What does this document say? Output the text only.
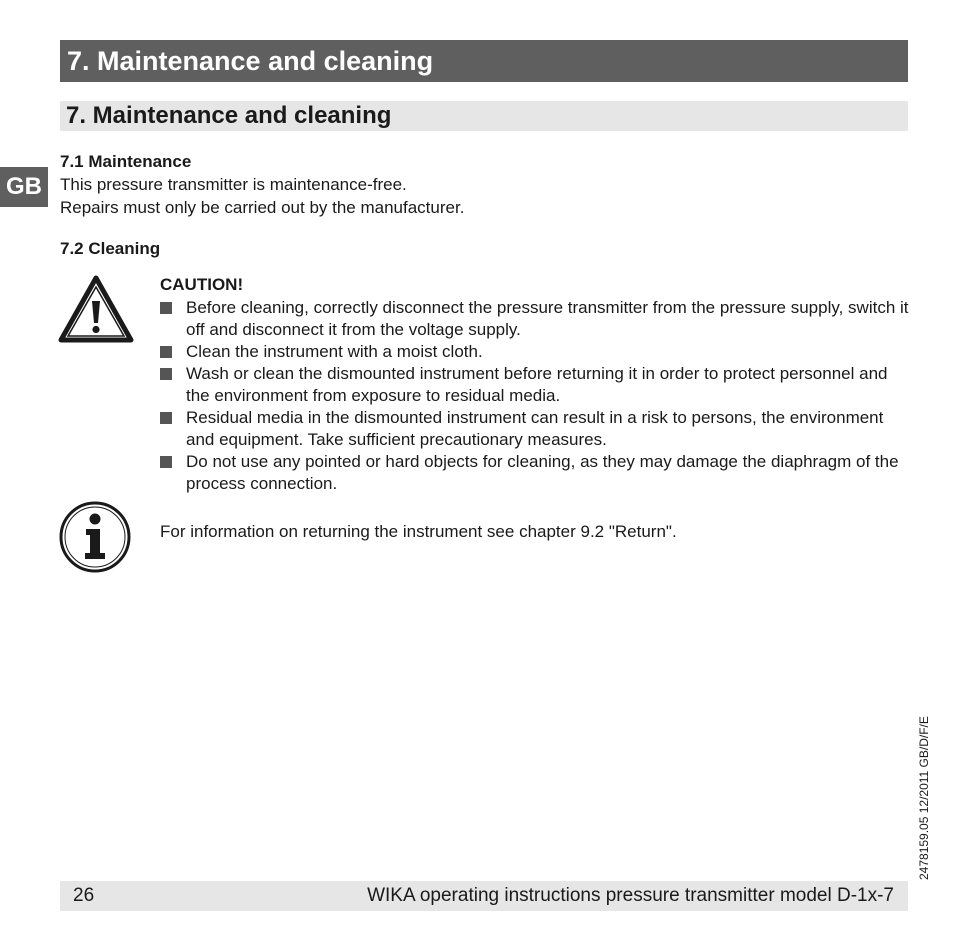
7. Maintenance and cleaning
7. Maintenance and cleaning
GB
7.1 Maintenance
This pressure transmitter is maintenance-free.
Repairs must only be carried out by the manufacturer.
7.2 Cleaning
CAUTION!
Before cleaning, correctly disconnect the pressure transmitter from the pressure supply, switch it off and disconnect it from the voltage supply.
Clean the instrument with a moist cloth.
Wash or clean the dismounted instrument before returning it in order to protect personnel and the environment from exposure to residual media.
Residual media in the dismounted instrument can result in a risk to persons, the environment and equipment. Take sufficient precautionary measures.
Do not use any pointed or hard objects for cleaning, as they may damage the diaphragm of the process connection.
For information on returning the instrument see chapter 9.2 "Return".
2478159.05 12/2011 GB/D/F/E
26	WIKA operating instructions pressure transmitter model D-1x-7
